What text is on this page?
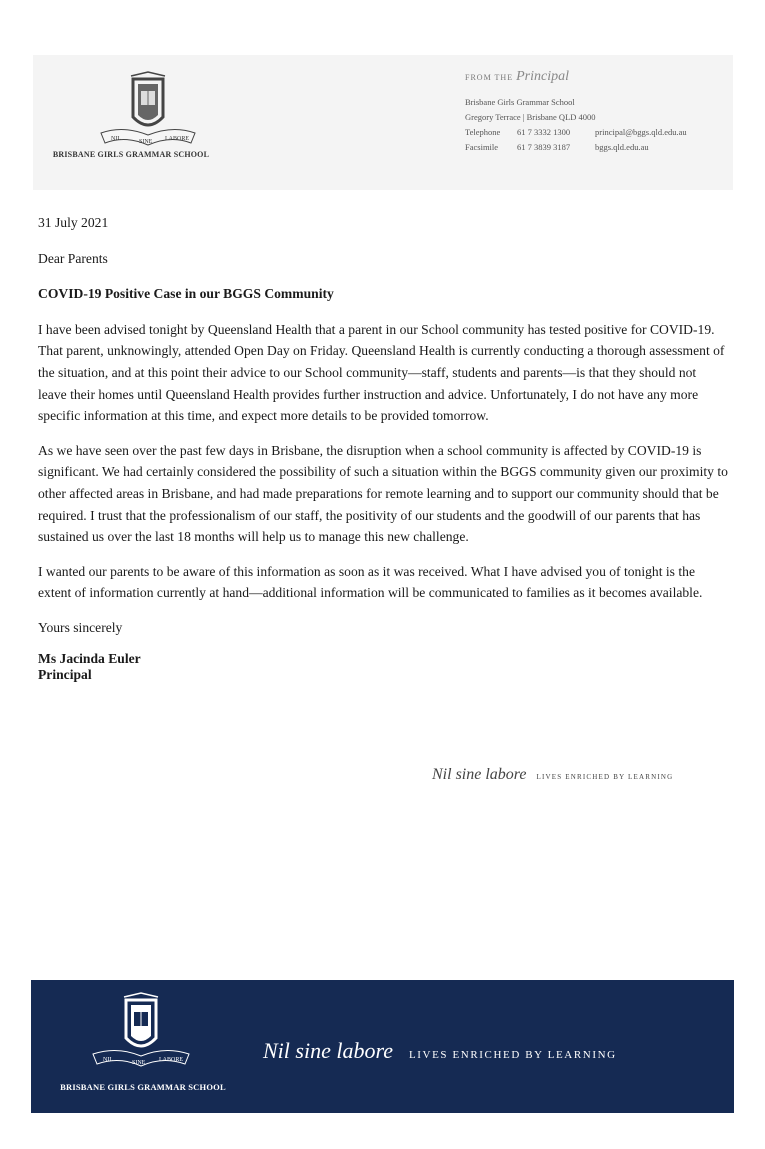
NIL	SINE LABORE
BRISBANE GIRLS GRAMMAR SCHOOL
FROM THE Principal
Brisbane Girls Grammar School
Gregory Terrace | Brisbane QLD 4000
Telephone 61 7 3332 1300	principal@bggs.qld.edu.au
Facsimile 61 7 3839 3187	bggs.qld.edu.au
31 July 2021
Dear Parents
COVID-19 Positive Case in our BGGS Community

I have been advised tonight by Queensland Health that a parent in our School community has tested positive for COVID-19. That parent, unknowingly, attended Open Day on Friday. Queensland Health is currently conducting a thorough assessment of the situation, and at this point their advice to our School community—staff, students and parents—is that they should not leave their homes until Queensland Health provides further instruction and advice. Unfortunately, I do not have any more specific information at this time, and expect more details to be provided tomorrow.

As we have seen over the past few days in Brisbane, the disruption when a school community is affected by COVID-19 is significant. We had certainly considered the possibility of such a situation within the BGGS community given our proximity to other affected areas in Brisbane, and had made preparations for remote learning and to support our community should that be required. I trust that the professionalism of our staff, the positivity of our students and the goodwill of our parents that has sustained us over the last 18 months will help us to manage this new challenge.

I wanted our parents to be aware of this information as soon as it was received. What I have advised you of tonight is the extent of information currently at hand—additional information will be communicated to families as it becomes available.

Yours sincerely
Ms Jacinda Euler
Principal
Nil sine labore LIVES ENRICHED BY LEARNING
NIL	SINE LABORE
BRISBANE GIRLS GRAMMAR SCHOOL
Nil sine labore LIVES ENRICHED BY LEARNING
